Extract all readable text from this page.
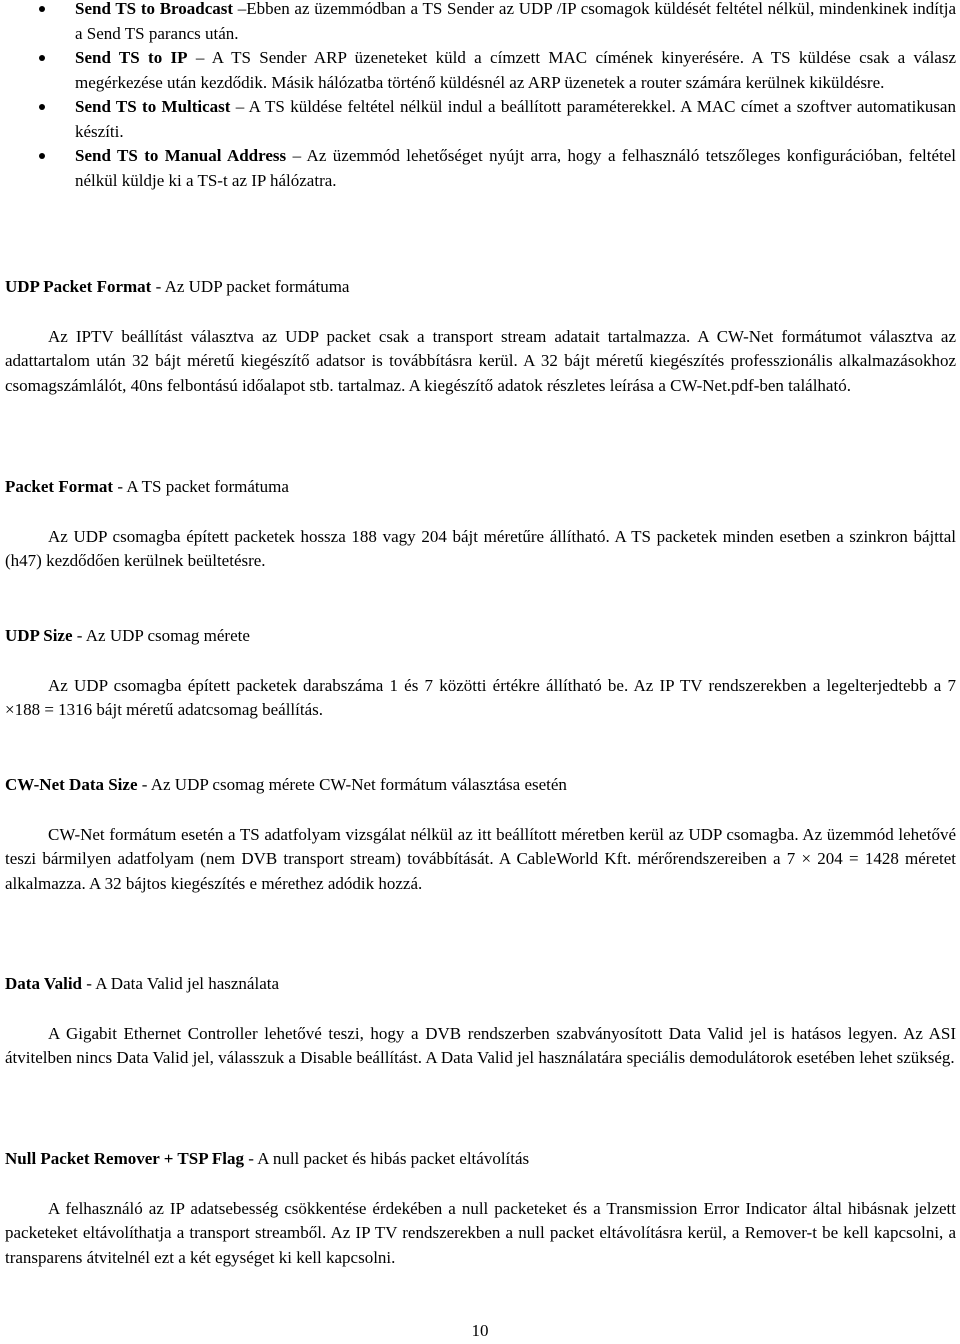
Send TS to Broadcast –Ebben az üzemmódban a TS Sender az UDP /IP csomagok küldését feltétel nélkül, mindenkinek indítja a Send TS parancs után.
Send TS to IP – A TS Sender ARP üzeneteket küld a címzett MAC címének kinyerésére. A TS küldése csak a válasz megérkezése után kezdődik. Másik hálózatba történő küldésnél az ARP üzenetek a router számára kerülnek kiküldésre.
Send TS to Multicast – A TS küldése feltétel nélkül indul a beállított paraméterekkel. A MAC címet a szoftver automatikusan készíti.
Send TS to Manual Address – Az üzemmód lehetőséget nyújt arra, hogy a felhasználó tetszőleges konfigurációban, feltétel nélkül küldje ki a TS-t az IP hálózatra.

UDP Packet Format - Az UDP packet formátuma

Az IPTV beállítást választva az UDP packet csak a transport stream adatait tartalmazza. A CW-Net formátumot választva az adattartalom után 32 bájt méretű kiegészítő adatsor is továbbításra kerül. A 32 bájt méretű kiegészítés professzionális alkalmazásokhoz csomagszámlálót, 40ns felbontású időalapot stb. tartalmaz. A kiegészítő adatok részletes leírása a CW-Net.pdf-ben található.

Packet Format - A TS packet formátuma

Az UDP csomagba épített packetek hossza 188 vagy 204 bájt méretűre állítható. A TS packetek minden esetben a szinkron bájttal (h47) kezdődően kerülnek beültetésre.

UDP Size - Az UDP csomag mérete

Az UDP csomagba épített packetek darabszáma 1 és 7 közötti értékre állítható be. Az IP TV rendszerekben a legelterjedtebb a 7 ×188 = 1316 bájt méretű adatcsomag beállítás.

CW-Net Data Size - Az UDP csomag mérete CW-Net formátum választása esetén

CW-Net formátum esetén a TS adatfolyam vizsgálat nélkül az itt beállított méretben kerül az UDP csomagba. Az üzemmód lehetővé teszi bármilyen adatfolyam (nem DVB transport stream) továbbítását. A CableWorld Kft. mérőrendszereiben a 7 × 204 = 1428 méretet alkalmazza. A 32 bájtos kiegészítés e mérethez adódik hozzá.

Data Valid - A Data Valid jel használata

A Gigabit Ethernet Controller lehetővé teszi, hogy a DVB rendszerben szabványosított Data Valid jel is hatásos legyen. Az ASI átvitelben nincs Data Valid jel, válasszuk a Disable beállítást. A Data Valid jel használatára speciális demodulátorok esetében lehet szükség.

Null Packet Remover + TSP Flag - A null packet és hibás packet eltávolítás

A felhasználó az IP adatsebesség csökkentése érdekében a null packeteket és a Transmission Error Indicator által hibásnak jelzett packeteket eltávolíthatja a transport streamből. Az IP TV rendszerekben a null packet eltávolításra kerül, a Remover-t be kell kapcsolni, a transparens átvitelnél ezt a két egységet ki kell kapcsolni.

10
